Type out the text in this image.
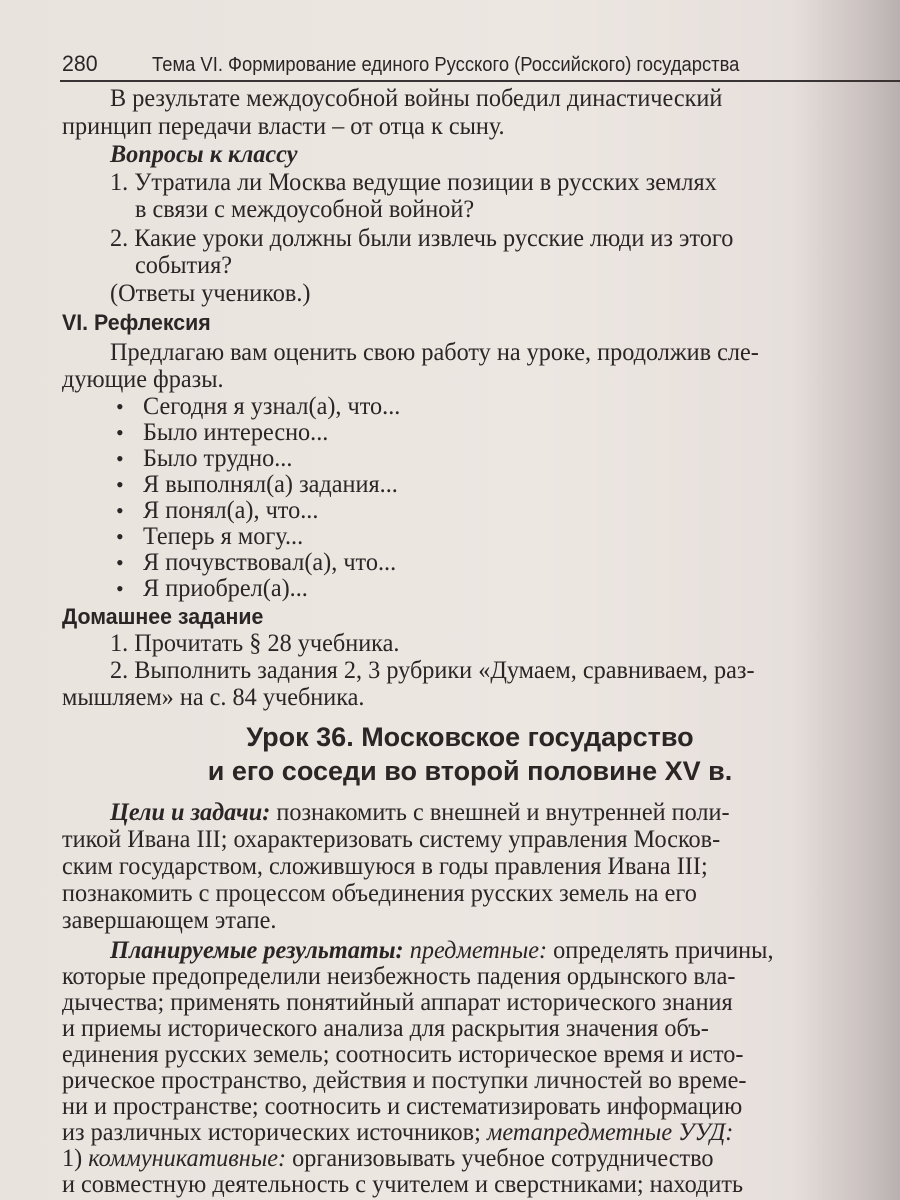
280	Тема VI. Формирование единого Русского (Российского) государства
В результате междоусобной войны победил династический
принцип передачи власти – от отца к сыну.
Вопросы к классу
1. Утратила ли Москва ведущие позиции в русских землях
в связи с междоусобной войной?
2. Какие уроки должны были извлечь русские люди из этого
события?
(Ответы учеников.)
VI. Рефлексия
Предлагаю вам оценить свою работу на уроке, продолжив сле-
дующие фразы.
Сегодня я узнал(а), что...
•
Было интересно...
•
Было трудно...
•
Я выполнял(а) задания...
•
Я понял(а), что...
•
Теперь я могу...
•
Я почувствовал(а), что...
•
Я приобрел(а)...
•
Домашнее задание
1. Прочитать § 28 учебника.
2. Выполнить задания 2, 3 рубрики «Думаем, сравниваем, раз-
мышляем» на с. 84 учебника.
Урок 36. Московское государство
и его соседи во второй половине XV в.
Цели и задачи: познакомить с внешней и внутренней поли-
тикой Ивана III; охарактеризовать систему управления Москов-
ским государством, сложившуюся в годы правления Ивана III;
познакомить с процессом объединения русских земель на его
завершающем этапе.
Планируемые результаты: предметные: определять причины,
которые предопределили неизбежность падения ордынского вла-
дычества; применять понятийный аппарат исторического знания
и приемы исторического анализа для раскрытия значения объ-
единения русских земель; соотносить историческое время и исто-
рическое пространство, действия и поступки личностей во време-
ни и пространстве; соотносить и систематизировать информацию
из различных исторических источников; метапредметные УУД:
1) коммуникативные: организовывать учебное сотрудничество
и совместную деятельность с учителем и сверстниками; находить
